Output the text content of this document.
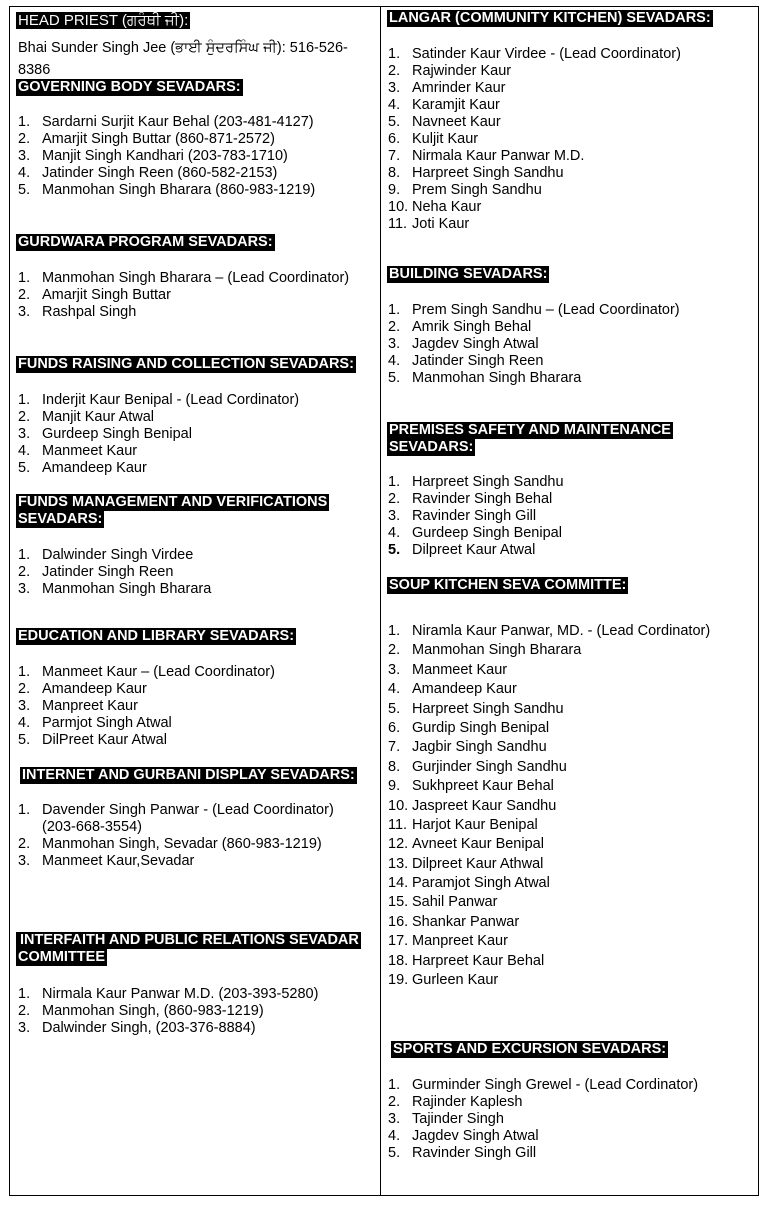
HEAD PRIEST (ਗਰੰਥੀ ਜੀ):
Bhai Sunder Singh Jee (ਭਾਈ ਸੁੰਦਰਸਿੰਘ ਜੀ): 516-526-
8386
GOVERNING BODY SEVADARS:
1. Sardarni Surjit Kaur Behal (203-481-4127)
2. Amarjit Singh Buttar (860-871-2572)
3. Manjit Singh Kandhari (203-783-1710)
4. Jatinder Singh Reen (860-582-2153)
5. Manmohan Singh Bharara (860-983-1219)
GURDWARA PROGRAM SEVADARS:
1. Manmohan Singh Bharara – (Lead Coordinator)
2. Amarjit Singh Buttar
3. Rashpal Singh
FUNDS RAISING AND COLLECTION SEVADARS:
1. Inderjit Kaur Benipal - (Lead Cordinator)
2. Manjit Kaur Atwal
3. Gurdeep Singh Benipal
4. Manmeet Kaur
5. Amandeep Kaur
FUNDS MANAGEMENT AND VERIFICATIONS
SEVADARS:
1. Dalwinder Singh Virdee
2. Jatinder Singh Reen
3. Manmohan Singh Bharara
EDUCATION AND LIBRARY SEVADARS:
1. Manmeet Kaur – (Lead Coordinator)
2. Amandeep Kaur
3. Manpreet Kaur
4. Parmjot Singh Atwal
5. DilPreet Kaur Atwal
INTERNET AND GURBANI DISPLAY SEVADARS:
1. Davender Singh Panwar - (Lead Coordinator)
(203-668-3554)
2. Manmohan Singh, Sevadar (860-983-1219)
3. Manmeet Kaur,Sevadar
INTERFAITH AND PUBLIC RELATIONS SEVADAR
COMMITTEE
1. Nirmala Kaur Panwar M.D. (203-393-5280)
2. Manmohan Singh, (860-983-1219)
3. Dalwinder Singh, (203-376-8884)
LANGAR (COMMUNITY KITCHEN) SEVADARS:
1. Satinder Kaur Virdee - (Lead Coordinator)
2. Rajwinder Kaur
3. Amrinder Kaur
4. Karamjit Kaur
5. Navneet Kaur
6. Kuljit Kaur
7. Nirmala Kaur Panwar M.D.
8. Harpreet Singh Sandhu
9. Prem Singh Sandhu
10. Neha Kaur
11. Joti Kaur
BUILDING SEVADARS:
1. Prem Singh Sandhu – (Lead Coordinator)
2. Amrik Singh Behal
3. Jagdev Singh Atwal
4. Jatinder Singh Reen
5. Manmohan Singh Bharara
PREMISES SAFETY AND MAINTENANCE
SEVADARS:
1. Harpreet Singh Sandhu
2. Ravinder Singh Behal
3. Ravinder Singh Gill
4. Gurdeep Singh Benipal
5. Dilpreet Kaur Atwal
SOUP KITCHEN SEVA COMMITTE:
1. Niramla Kaur Panwar, MD. - (Lead Cordinator)
2. Manmohan Singh Bharara
3. Manmeet Kaur
4. Amandeep Kaur
5. Harpreet Singh Sandhu
6. Gurdip Singh Benipal
7. Jagbir Singh Sandhu
8. Gurjinder Singh Sandhu
9. Sukhpreet Kaur Behal
10. Jaspreet Kaur Sandhu
11. Harjot Kaur Benipal
12. Avneet Kaur Benipal
13. Dilpreet Kaur Athwal
14. Paramjot Singh Atwal
15. Sahil Panwar
16. Shankar Panwar
17. Manpreet Kaur
18. Harpreet Kaur Behal
19. Gurleen Kaur
SPORTS AND EXCURSION SEVADARS:
1. Gurminder Singh Grewel - (Lead Cordinator)
2. Rajinder Kaplesh
3. Tajinder Singh
4. Jagdev Singh Atwal
5. Ravinder Singh Gill
